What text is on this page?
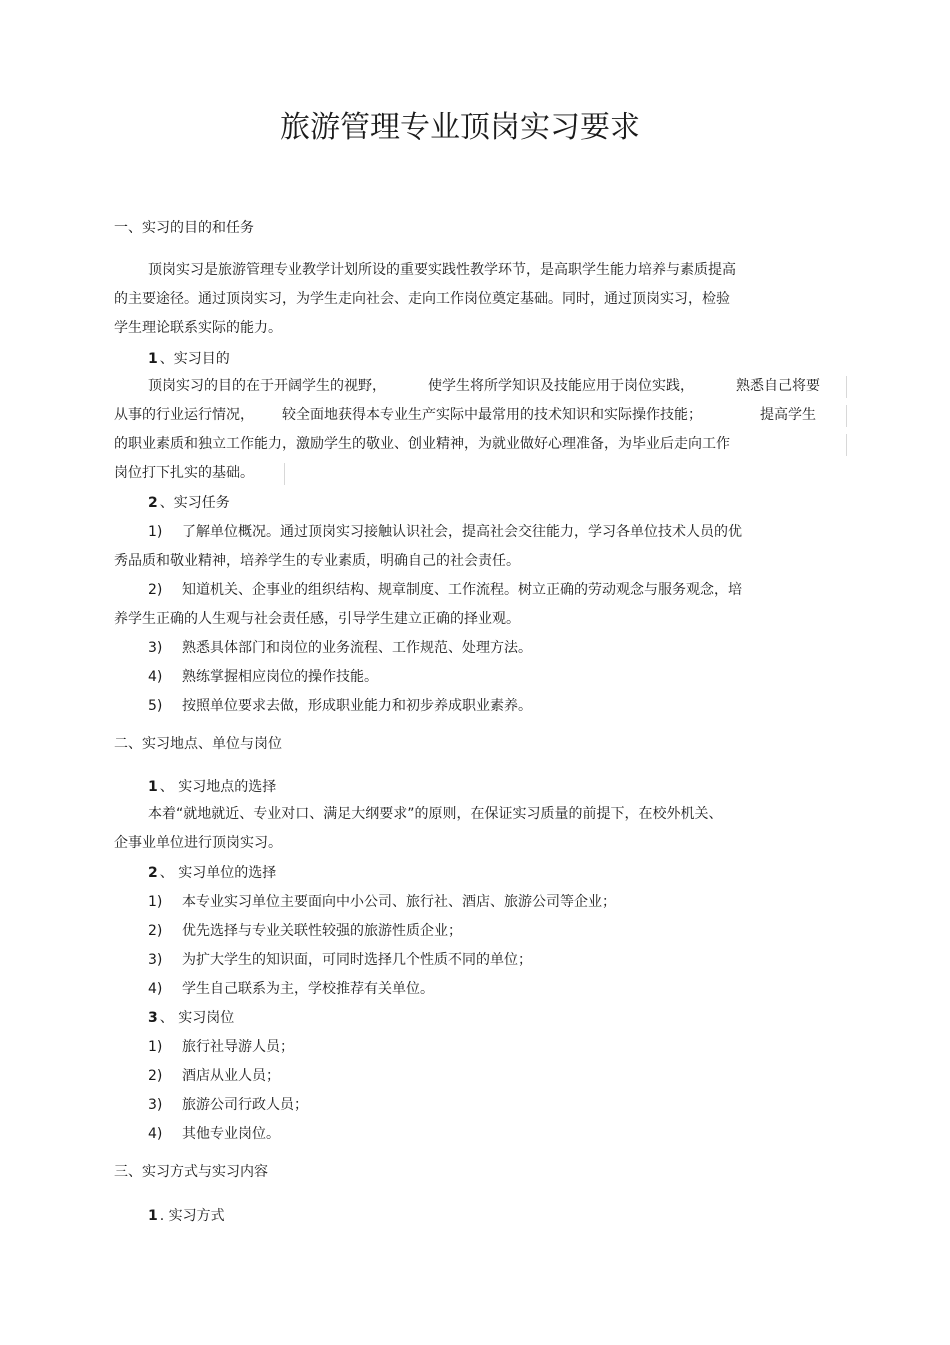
旅游管理专业顶岗实习要求
一、实习的目的和任务
顶岗实习是旅游管理专业教学计划所设的重要实践性教学环节，是高职学生能力培养与素质提高
的主要途径。通过顶岗实习，为学生走向社会、走向工作岗位奠定基础。同时，通过顶岗实习，检验
学生理论联系实际的能力。
1 、实习目的
顶岗实习的目的在于开阔学生的视野，	使学生将所学知识及技能应用于岗位实践，	熟悉自己将要
从事的行业运行情况， 较全面地获得本专业生产实际中最常用的技术知识和实际操作技能；	提高学生
的职业素质和独立工作能力，激励学生的敬业、创业精神，为就业做好心理准备，为毕业后走向工作
岗位打下扎实的基础。
2 、实习任务
1) 了解单位概况。通过顶岗实习接触认识社会，提高社会交往能力，学习各单位技术人员的优
秀品质和敬业精神，培养学生的专业素质，明确自己的社会责任。
2) 知道机关、企事业的组织结构、规章制度、工作流程。树立正确的劳动观念与服务观念，培
养学生正确的人生观与社会责任感，引导学生建立正确的择业观。
3) 熟悉具体部门和岗位的业务流程、工作规范、处理方法。
4) 熟练掌握相应岗位的操作技能。
5) 按照单位要求去做，形成职业能力和初步养成职业素养。
二、实习地点、单位与岗位
1 、 实习地点的选择
本着“就地就近、专业对口、满足大纲要求”的原则，在保证实习质量的前提下，在校外机关、
企事业单位进行顶岗实习。
2 、 实习单位的选择
1) 本专业实习单位主要面向中小公司、旅行社、酒店、旅游公司等企业；
2) 优先选择与专业关联性较强的旅游性质企业；
3) 为扩大学生的知识面，可同时选择几个性质不同的单位；
4) 学生自己联系为主，学校推荐有关单位。
3 、 实习岗位
1) 旅行社导游人员；
2) 酒店从业人员；
3) 旅游公司行政人员；
4) 其他专业岗位。
三、实习方式与实习内容
1 . 实习方式
